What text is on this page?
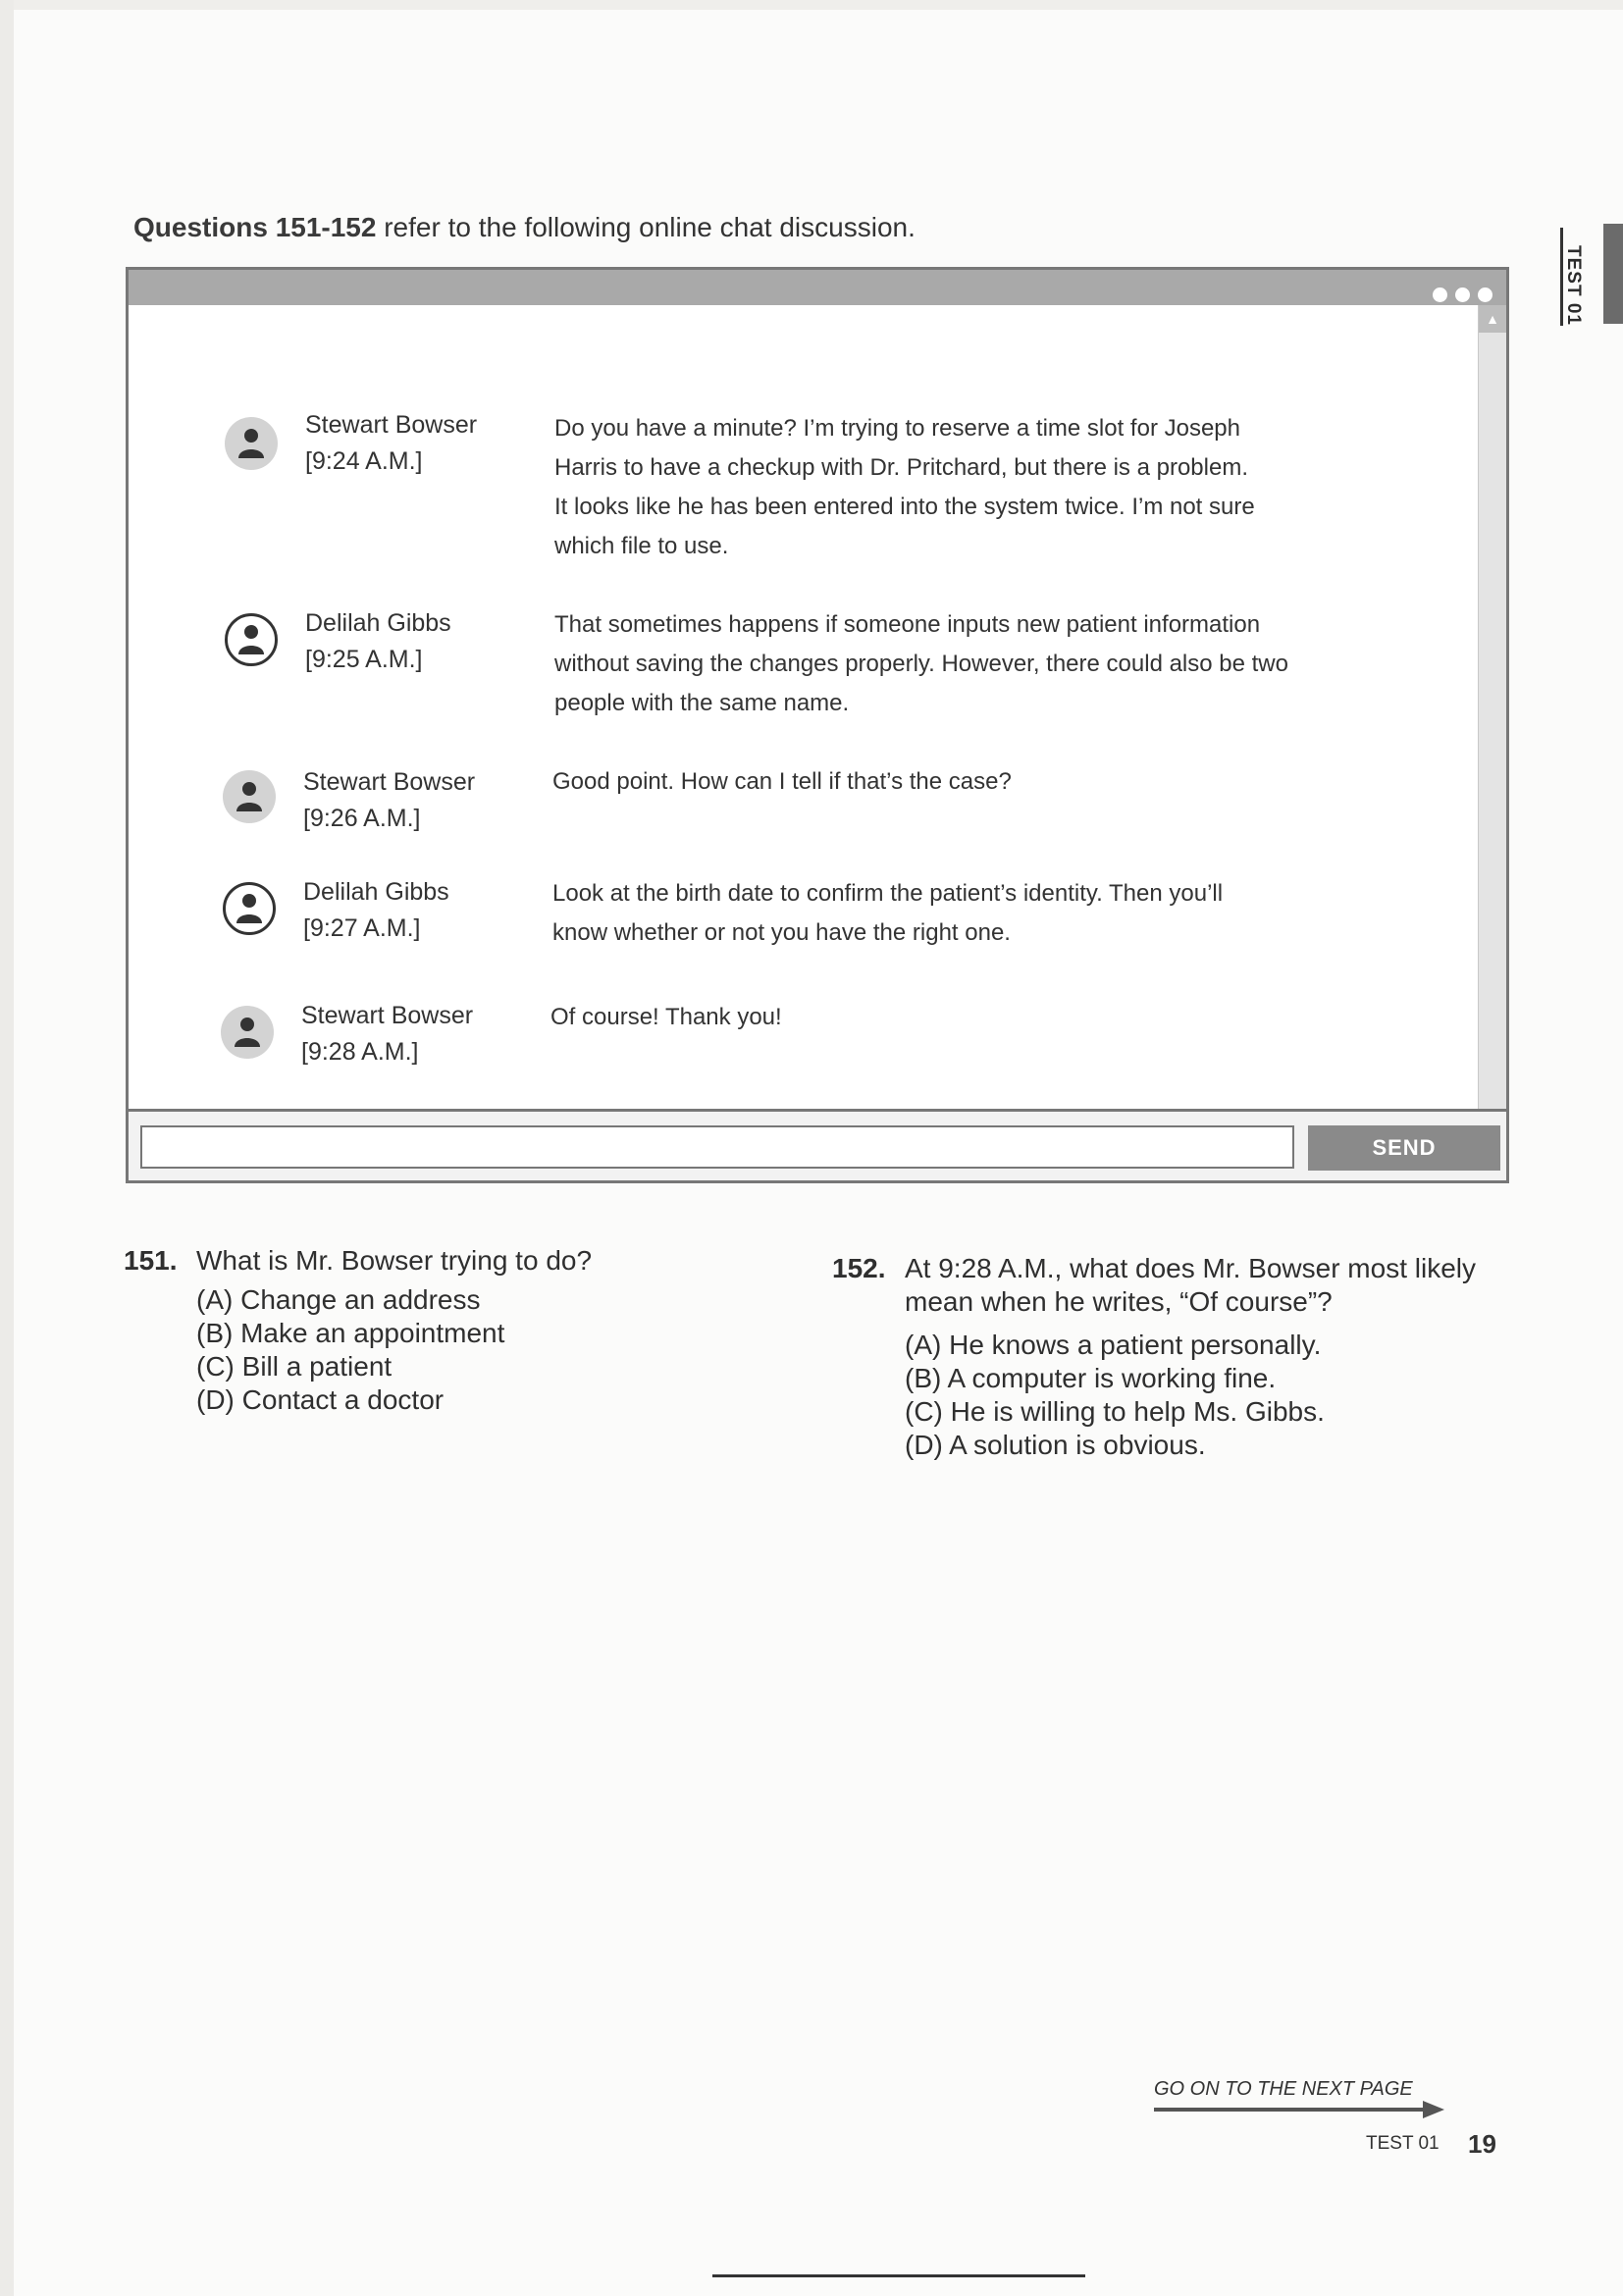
Questions 151-152 refer to the following online chat discussion.
TEST 01
▲
Stewart Bowser
[9:24 A.M.]
Do you have a minute? I’m trying to reserve a time slot for Joseph
Harris to have a checkup with Dr. Pritchard, but there is a problem.
It looks like he has been entered into the system twice. I’m not sure
which file to use.
Delilah Gibbs
[9:25 A.M.]
That sometimes happens if someone inputs new patient information
without saving the changes properly. However, there could also be two
people with the same name.
Stewart Bowser
[9:26 A.M.]
Good point. How can I tell if that’s the case?
Delilah Gibbs
[9:27 A.M.]
Look at the birth date to confirm the patient’s identity. Then you’ll
know whether or not you have the right one.
Stewart Bowser
[9:28 A.M.]
Of course! Thank you!
SEND
151. What is Mr. Bowser trying to do?
(A) Change an address
(B) Make an appointment
(C) Bill a patient
(D) Contact a doctor
152. At 9:28 A.M., what does Mr. Bowser most likely mean when he writes, “Of course”?
(A) He knows a patient personally.
(B) A computer is working fine.
(C) He is willing to help Ms. Gibbs.
(D) A solution is obvious.
GO ON TO THE NEXT PAGE
TEST 01 19
